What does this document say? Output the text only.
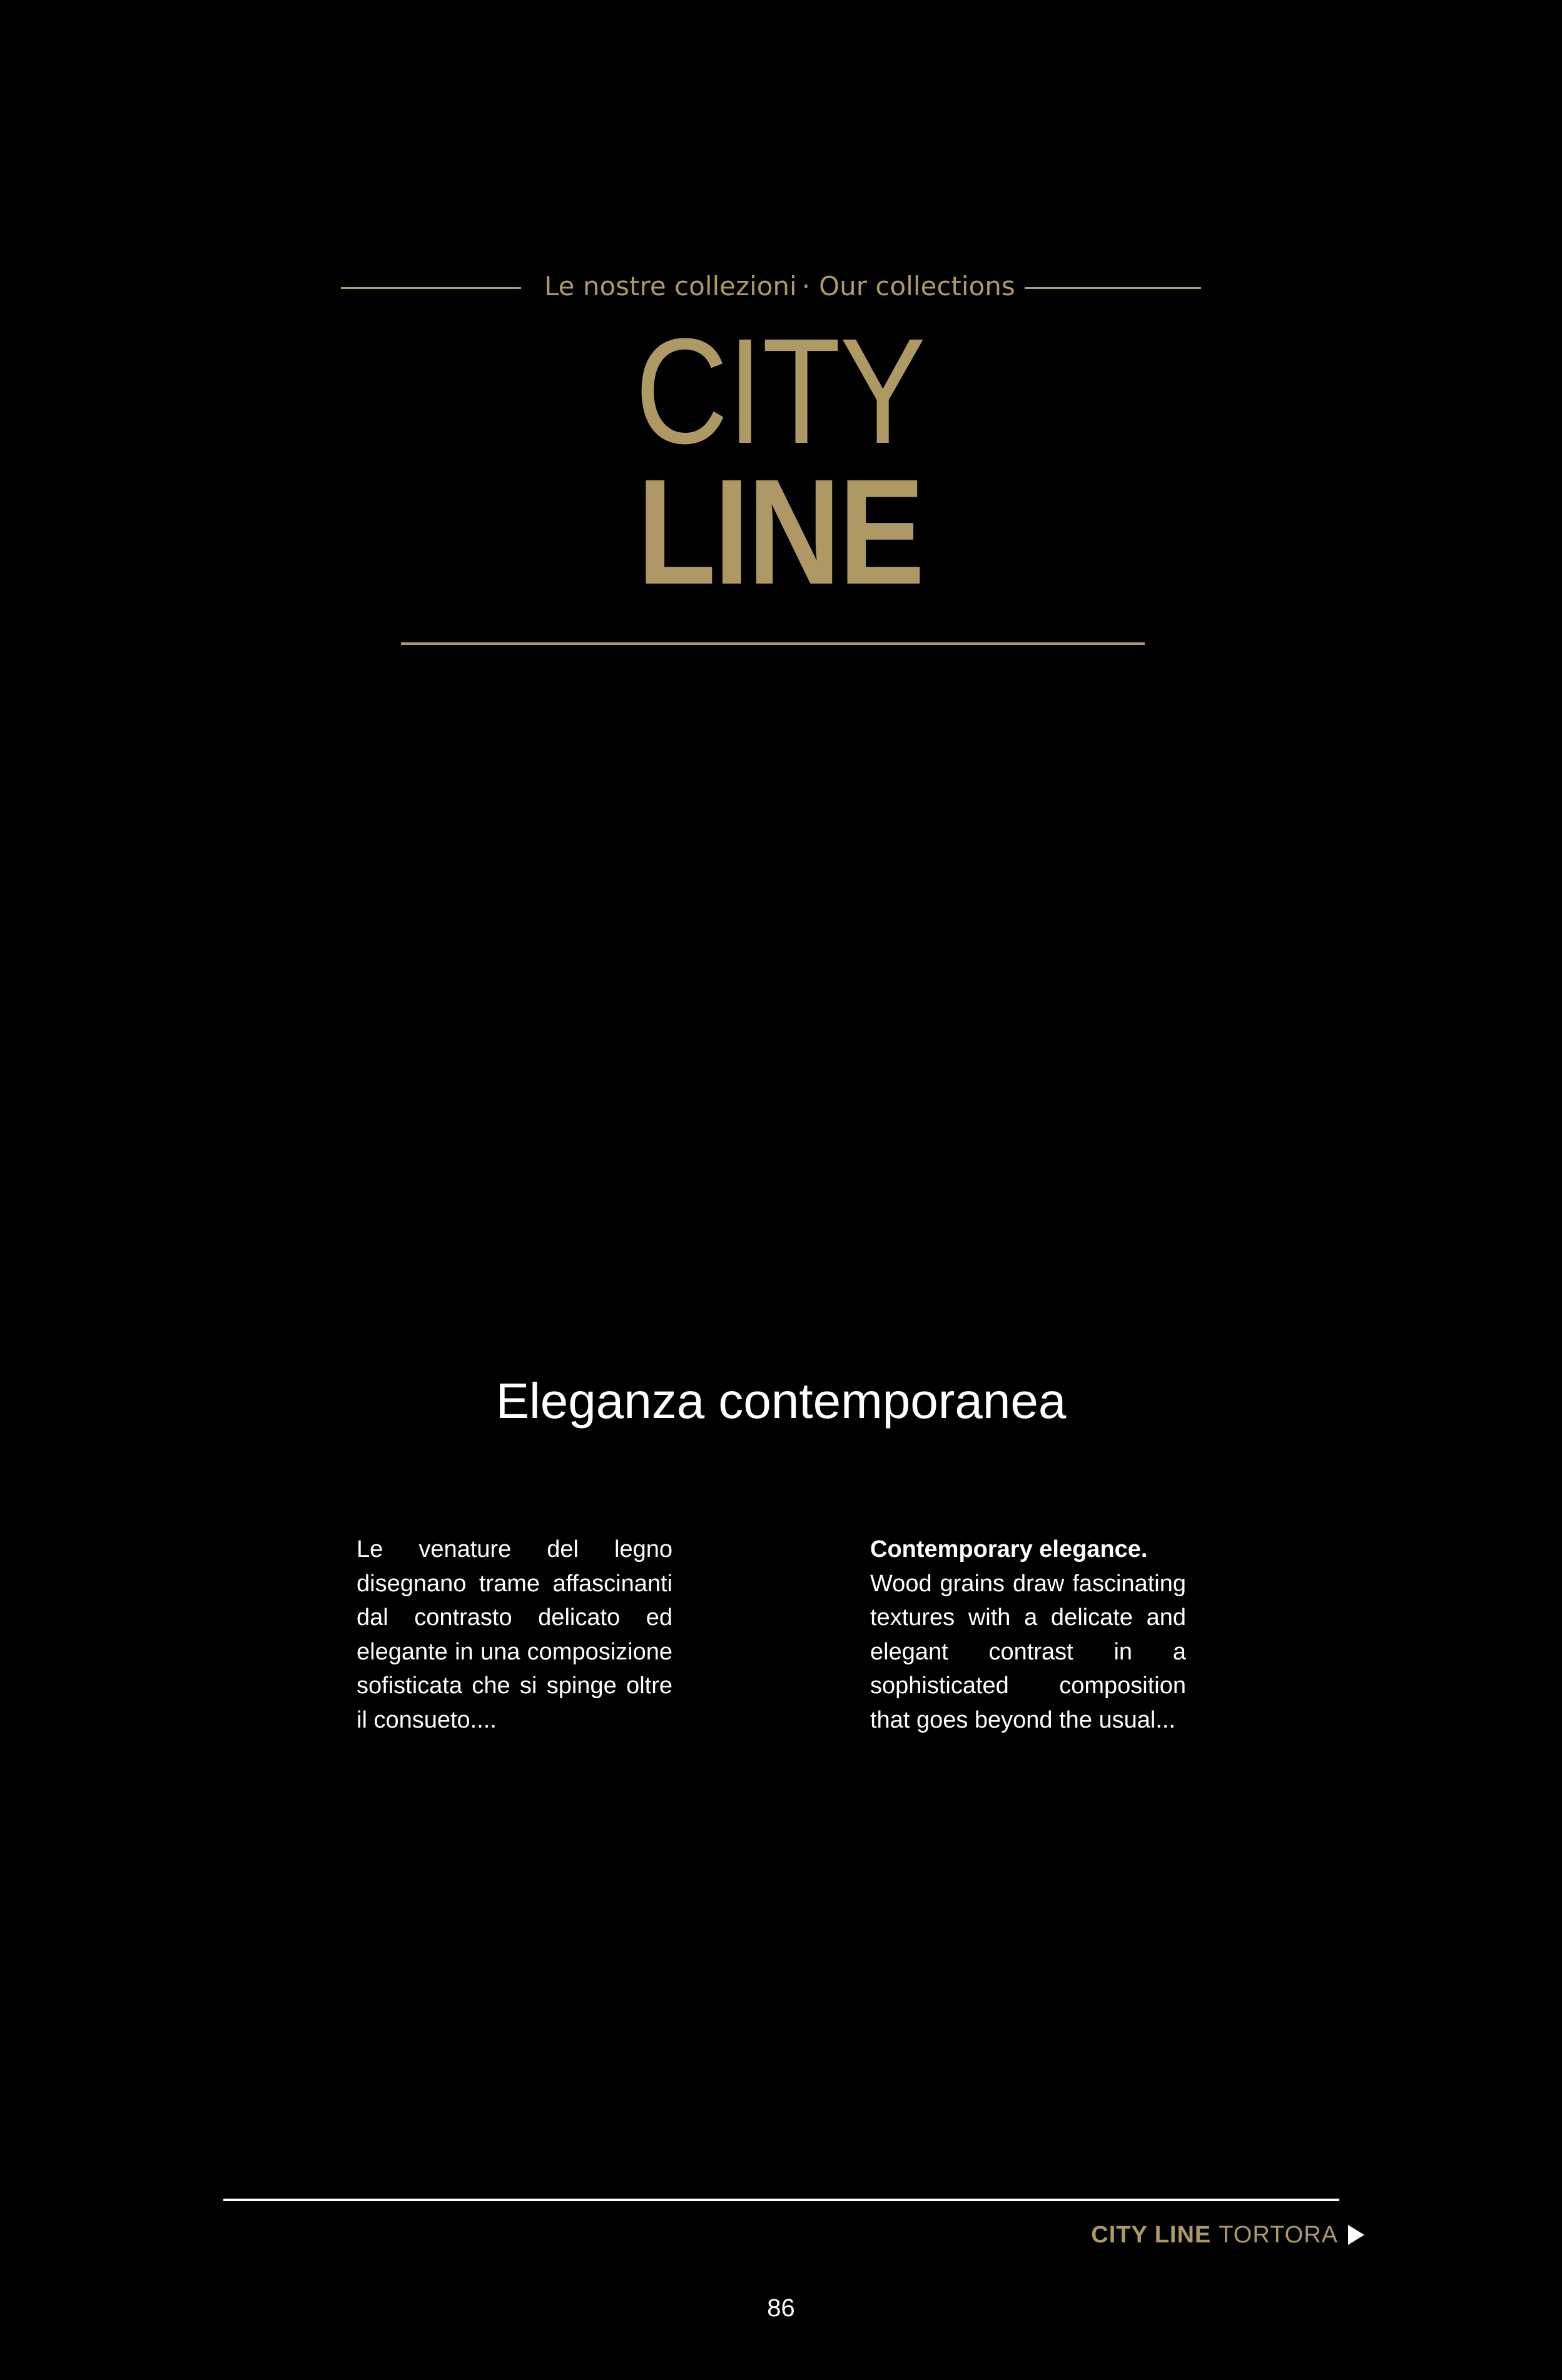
Le nostre collezioni · Our collections
CITY
LINE
Eleganza contemporanea
Le venature del legno disegnano trame affascinanti dal contrasto delicato ed elegante in una composizione sofisticata che si spinge oltre il consueto....
Contemporary elegance.
Wood grains draw fascinating textures with a delicate and elegant contrast in a sophisticated composition that goes beyond the usual...
CITY LINE TORTORA
86
